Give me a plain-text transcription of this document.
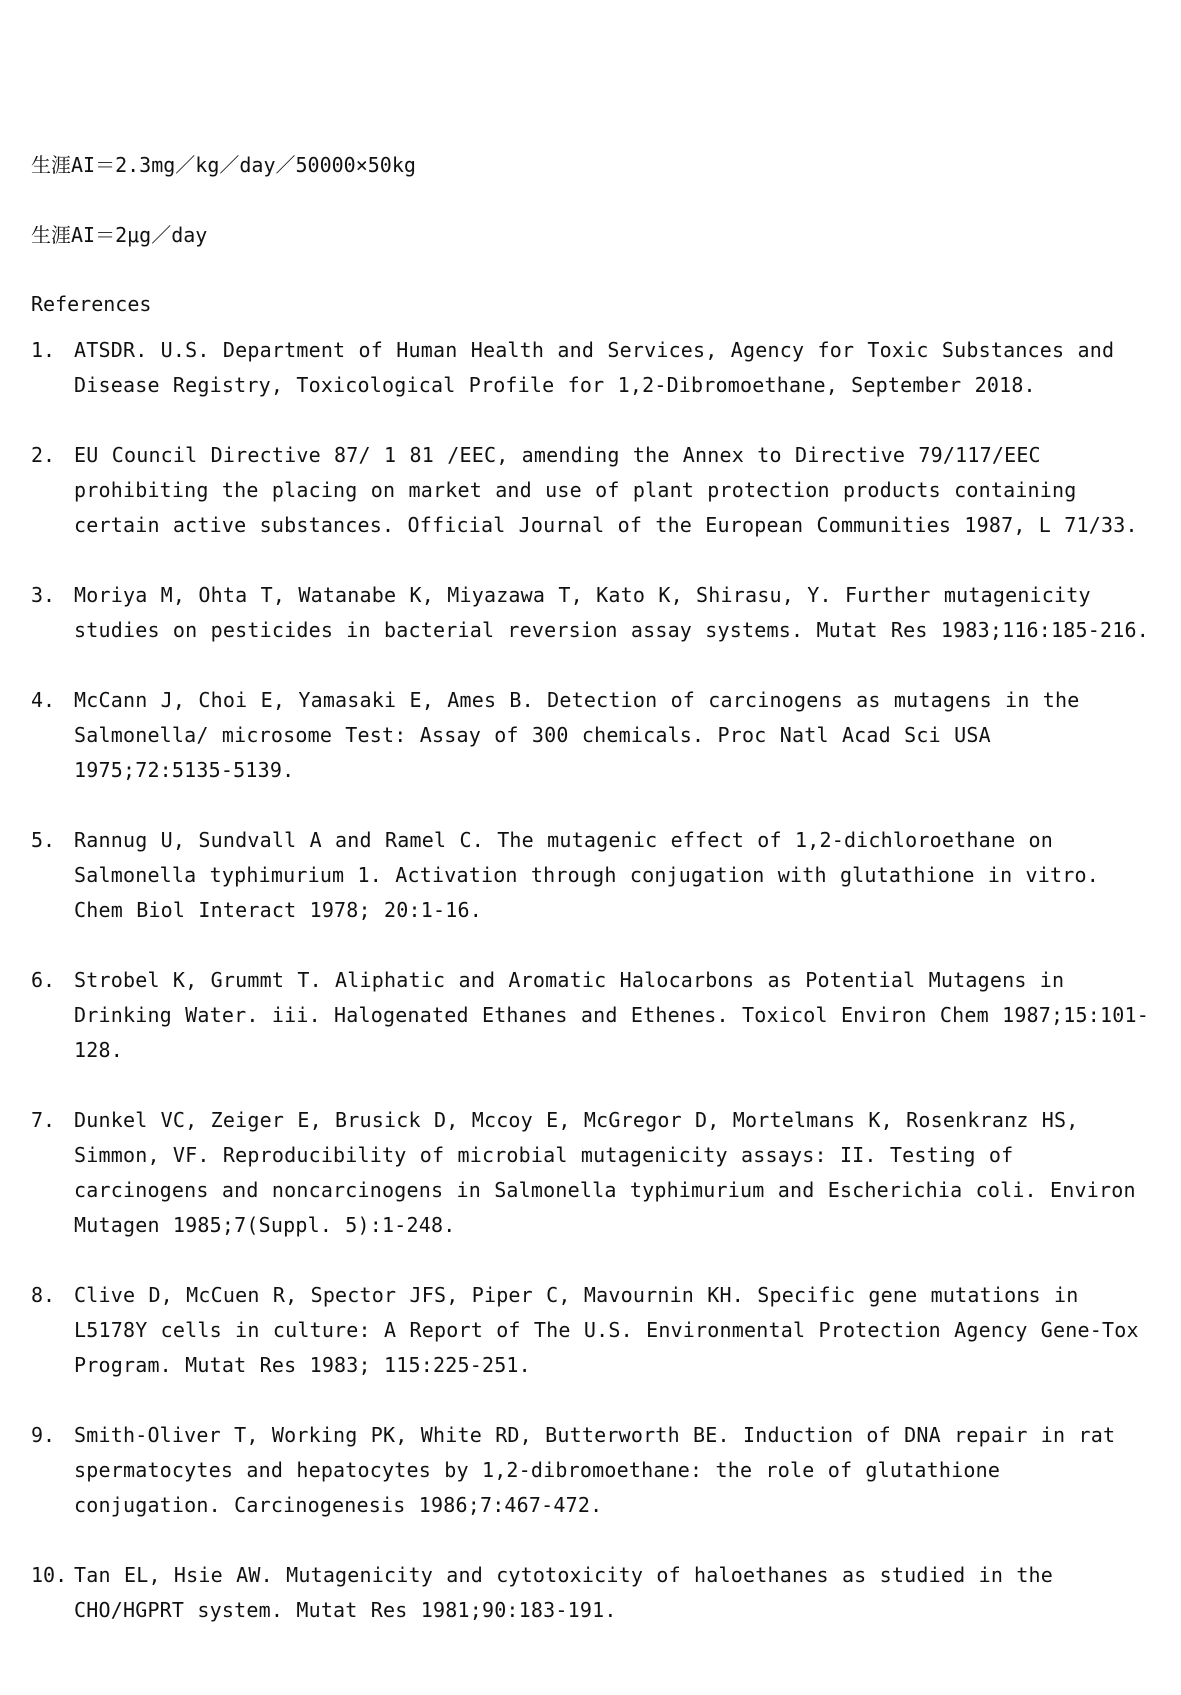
生涯AI＝2.3mg／kg／day／50000×50kg
生涯AI＝2μg／day
References
1. ATSDR. U.S. Department of Human Health and Services, Agency for Toxic Substances and Disease Registry, Toxicological Profile for 1,2-Dibromoethane, September 2018.
2. EU Council Directive 87/ 1 81 /EEC, amending the Annex to Directive 79/117/EEC prohibiting the placing on market and use of plant protection products containing certain active substances. Official Journal of the European Communities 1987, L 71/33.
3. Moriya M, Ohta T, Watanabe K, Miyazawa T, Kato K, Shirasu, Y. Further mutagenicity studies on pesticides in bacterial reversion assay systems. Mutat Res 1983;116:185-216.
4. McCann J, Choi E, Yamasaki E, Ames B. Detection of carcinogens as mutagens in the Salmonella/ microsome Test: Assay of 300 chemicals. Proc Natl Acad Sci USA 1975;72:5135-5139.
5. Rannug U, Sundvall A and Ramel C. The mutagenic effect of 1,2-dichloroethane on Salmonella typhimurium 1. Activation through conjugation with glutathione in vitro. Chem Biol Interact 1978; 20:1-16.
6. Strobel K, Grummt T. Aliphatic and Aromatic Halocarbons as Potential Mutagens in Drinking Water. iii. Halogenated Ethanes and Ethenes. Toxicol Environ Chem 1987;15:101-128.
7. Dunkel VC, Zeiger E, Brusick D, Mccoy E, McGregor D, Mortelmans K, Rosenkranz HS, Simmon, VF. Reproducibility of microbial mutagenicity assays: II. Testing of carcinogens and noncarcinogens in Salmonella typhimurium and Escherichia coli. Environ Mutagen 1985;7(Suppl. 5):1-248.
8. Clive D, McCuen R, Spector JFS, Piper C, Mavournin KH. Specific gene mutations in L5178Y cells in culture: A Report of The U.S. Environmental Protection Agency Gene-Tox Program. Mutat Res 1983; 115:225-251.
9. Smith-Oliver T, Working PK, White RD, Butterworth BE. Induction of DNA repair in rat spermatocytes and hepatocytes by 1,2-dibromoethane: the role of glutathione conjugation. Carcinogenesis 1986;7:467-472.
10. Tan EL, Hsie AW. Mutagenicity and cytotoxicity of haloethanes as studied in the CHO/HGPRT system. Mutat Res 1981;90:183-191.
